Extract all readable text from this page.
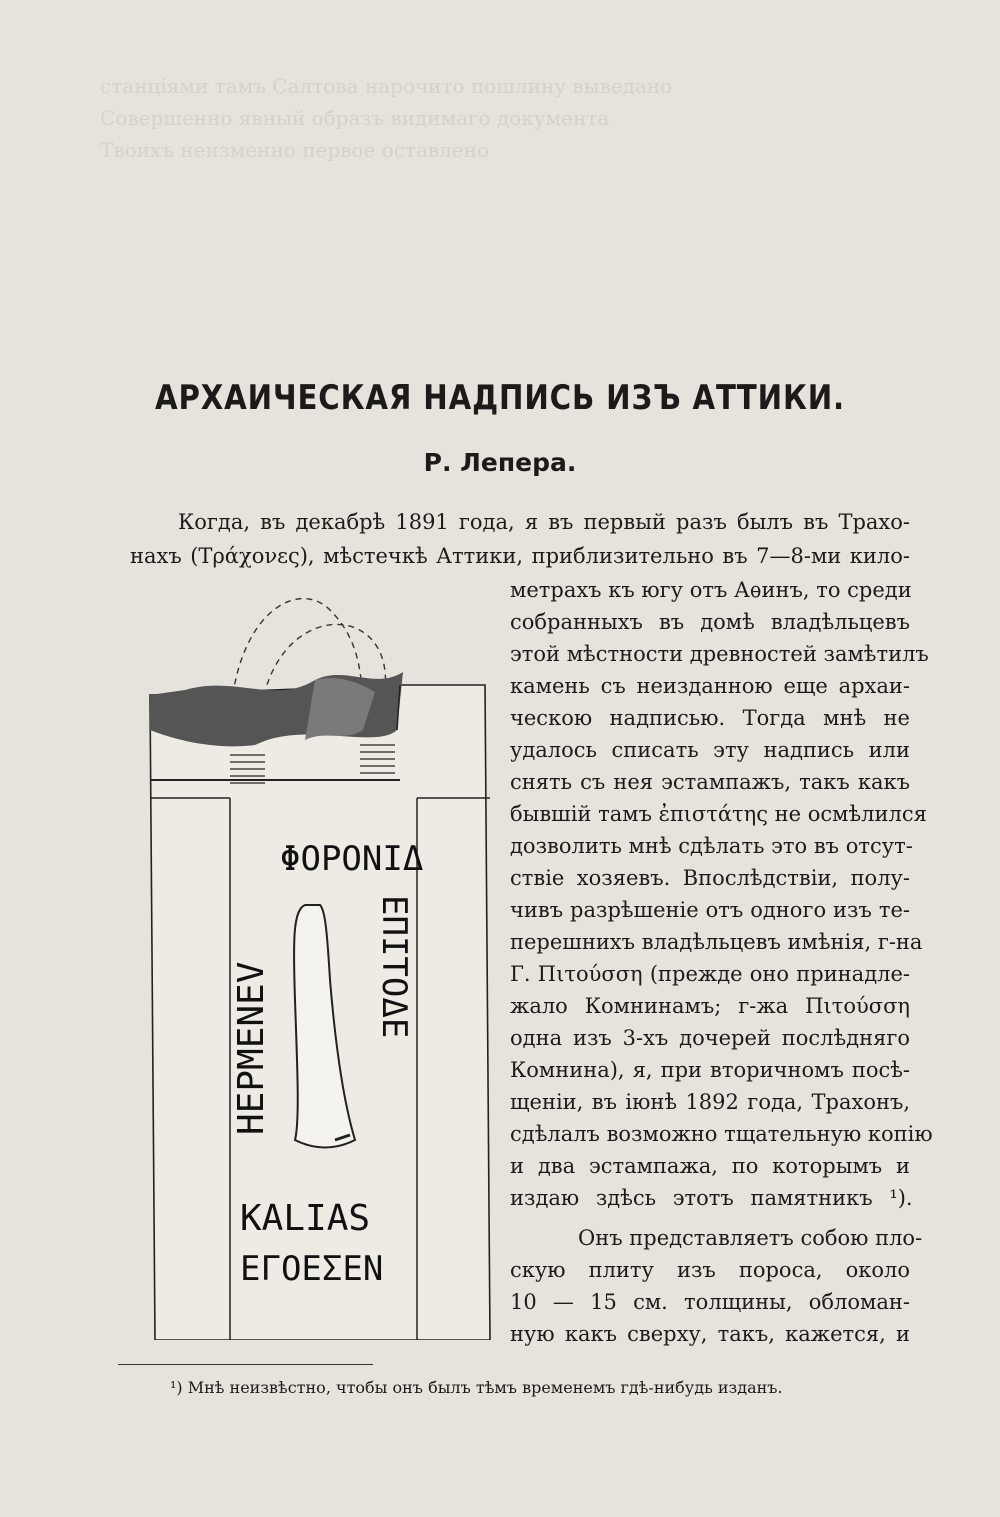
станціями тамъ Салтова нарочито пошлину выведано
Совершенно явный образъ видимаго документа
Твоихъ неизменно первое оставлено
АРХАИЧЕСКАЯ НАДПИСЬ ИЗЪ АТТИКИ.
Р. Лепера.
Когда, въ декабрѣ 1891 года, я въ первый разъ былъ въ Трахо-
нахъ (Τράχονες), мѣстечкѣ Аттики, приблизительно въ 7—8-ми кило-
метрахъ къ югу отъ Аѳинъ, то среди
собранныхъ въ домѣ владѣльцевъ
этой мѣстности древностей замѣтилъ
камень съ неизданною еще архаи-
ческою надписью. Тогда мнѣ не
удалось списать эту надпись или
снять съ нея эстампажъ, такъ какъ
бывшій тамъ ἐπιστάτης не осмѣлился
дозволить мнѣ сдѣлать это въ отсут-
ствіе хозяевъ. Впослѣдствіи, полу-
чивъ разрѣшеніе отъ одного изъ те-
перешнихъ владѣльцевъ имѣнія, г-на
Г. Πιτούσση (прежде оно принадле-
жало Комнинамъ; г-жа Πιτούσση
одна изъ 3-хъ дочерей послѣдняго
Комнина), я, при вторичномъ посѣ-
щеніи, въ іюнѣ 1892 года, Трахонъ,
сдѣлалъ возможно тщательную копію
и два эстампажа, по которымъ и
издаю здѣсь этотъ памятникъ ¹).
Онъ представляетъ собою пло-
скую плиту изъ пороса, около
10 — 15 см. толщины, обломан-
ную какъ сверху, такъ, кажется, и
HEPMENEV
ΦΟΡΟΝΙΔ
EΠΙΤΟΔΕ
KALIAS
EΓΟEΣEN
¹) Мнѣ неизвѣстно, чтобы онъ былъ тѣмъ временемъ гдѣ-нибудь изданъ.
